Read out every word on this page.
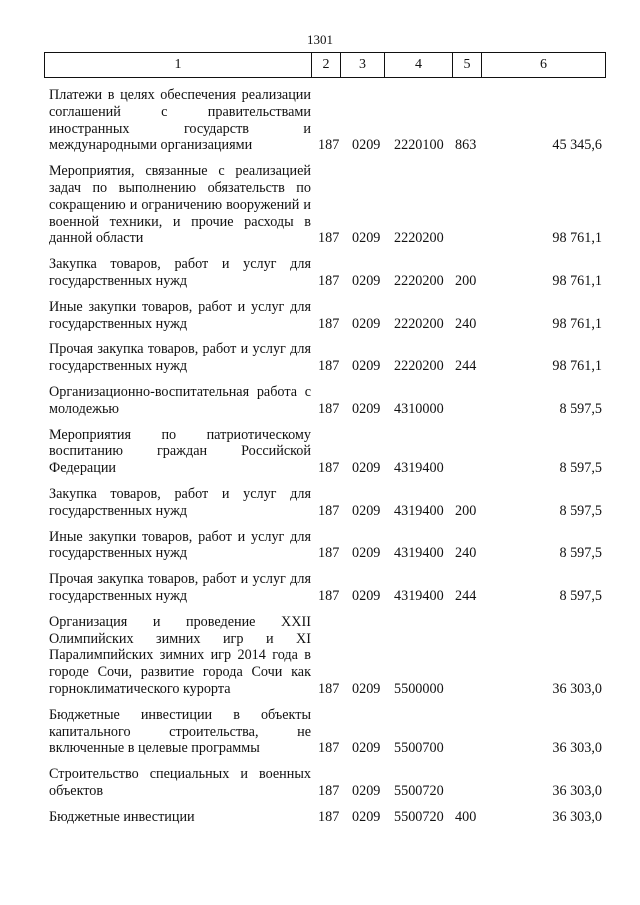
1301
1	2	3	4	5	6
Платежи в целях обеспечения реализации соглашений с правительствами иностранных государств и международными организациями	187 0209 2220100 863	45 345,6
Мероприятия, связанные с реализацией задач по выполнению обязательств по сокращению и ограничению вооружений и военной техники, и прочие расходы в данной области	187 0209 2220200	98 761,1
Закупка товаров, работ и услуг для государственных нужд	187 0209 2220200 200	98 761,1
Иные закупки товаров, работ и услуг для государственных нужд	187 0209 2220200 240	98 761,1
Прочая закупка товаров, работ и услуг для государственных нужд	187 0209 2220200 244	98 761,1
Организационно-воспитательная работа с молодежью	187 0209 4310000	8 597,5
Мероприятия по патриотическому воспитанию граждан Российской Федерации	187 0209 4319400	8 597,5
Закупка товаров, работ и услуг для государственных нужд	187 0209 4319400 200	8 597,5
Иные закупки товаров, работ и услуг для государственных нужд	187 0209 4319400 240	8 597,5
Прочая закупка товаров, работ и услуг для государственных нужд	187 0209 4319400 244	8 597,5
Организация и проведение XXII Олимпийских зимних игр и XI Паралимпийских зимних игр 2014 года в городе Сочи, развитие города Сочи как горноклиматического курорта	187 0209 5500000	36 303,0
Бюджетные инвестиции в объекты капитального строительства, не включенные в целевые программы	187 0209 5500700	36 303,0
Строительство специальных и военных объектов	187 0209 5500720	36 303,0
Бюджетные инвестиции	187 0209 5500720 400	36 303,0
